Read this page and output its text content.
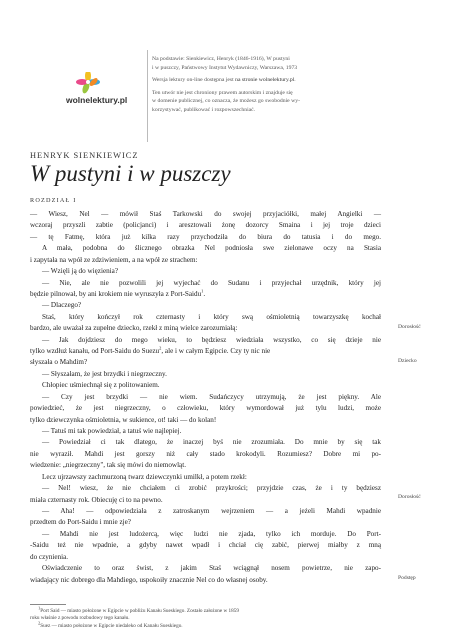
wolnelektury.pl

Na podstawie: Sienkiewicz, Henryk (1846-1916), W pustyni
i w puszczy, Państwowy Instytut Wydawniczy, Warszawa, 1973

Wersja lektury on-line dostępna jest na stronie wolnelektury.pl.

Ten utwór nie jest chroniony prawem autorskim i znajduje się
w domenie publicznej, co oznacza, że możesz go swobodnie wy-
korzystywać, publikować i rozpowszechniać.

HENRYK SIENKIEWICZ
W pustyni i w puszczy
ROZDZIAŁ I
— Wiesz, Nel — mówił Staś Tarkowski do swojej przyjaciółki, małej Angielki —
wczoraj przyszli zabtie (policjanci) i aresztowali żonę dozorcy Smaina i jej troje dzieci
— tę Fatmę, która już kilka razy przychodziła do biura do tatusia i do mego.
A mała, podobna do ślicznego obrazka Nel podniosła swe zielonawe oczy na Stasia
i zapytała na wpół ze zdziwieniem, a na wpół ze strachem:
— Wzięli ją do więzienia?
— Nie, ale nie pozwolili jej wyjechać do Sudanu i przyjechał urzędnik, który jej
będzie pilnował, by ani krokiem nie wyruszyła z Port-Saidu$^1$.
— Dlaczego?
Staś, który kończył rok czternasty i który swą ośmioletnią towarzyszkę kochał
bardzo, ale uważał za zupełne dziecko, rzekł z miną wielce zarozumiałą:
— Jak dojdziesz do mego wieku, to będziesz wiedziała wszystko, co się dzieje nie
tylko wzdłuż kanału, od Port-Saidu do Suezu$^2$, ale i w całym Egipcie. Czy ty nic nie
słyszała o Mahdim?
— Słyszałam, że jest brzydki i niegrzeczny.
Chłopiec uśmiechnął się z politowaniem.
— Czy jest brzydki — nie wiem. Sudańczycy utrzymują, że jest piękny. Ale
powiedzieć, że jest niegrzeczny, o człowieku, który wymordował już tylu ludzi, może
tylko dziewczynka ośmioletnia, w sukience, ot! taki — do kolan!
— Tatuś mi tak powiedział, a tatuś wie najlepiej.
— Powiedział ci tak dlatego, że inaczej byś nie zrozumiała. Do mnie by się tak
nie wyraził. Mahdi jest gorszy niż cały stado krokodyli. Rozumiesz? Dobre mi po-
wiedzenie: „niegrzeczny", tak się mówi do niemowląt.
Lecz ujrzawszy zachmurzoną twarz dziewczynki umilkł, a potem rzekł:
— Nel! wiesz, że nie chciałem ci zrobić przykrości; przyjdzie czas, że i ty będziesz
miała czternasty rok. Obiecuję ci to na pewno.
— Aha! — odpowiedziała z zatroskanym wejrzeniem — a jeżeli Mahdi wpadnie
przedtem do Port-Saidu i mnie zje?
— Mahdi nie jest ludożercą, więc ludzi nie zjada, tylko ich morduje. Do Port-
-Saidu też nie wpadnie, a gdyby nawet wpadł i chciał cię zabić, pierwej miałby z mną
do czynienia.
Oświadczenie to oraz świst, z jakim Staś wciągnął nosem powietrze, nie zapo-
wiadający nic dobrego dla Mahdiego, uspokoiły znacznie Nel co do własnej osoby.
Dorosłość
Dziecko
Dorosłość
Podstęp
$^1$Port Said — miasto położone w Egipcie w pobliżu Kanału Sueskiego. Zostało założone w 1859
roku właśnie z powodu rozbudowy tego kanału.
$^2$Suez — miasto położone w Egipcie niedaleko od Kanału Sueskiego.
